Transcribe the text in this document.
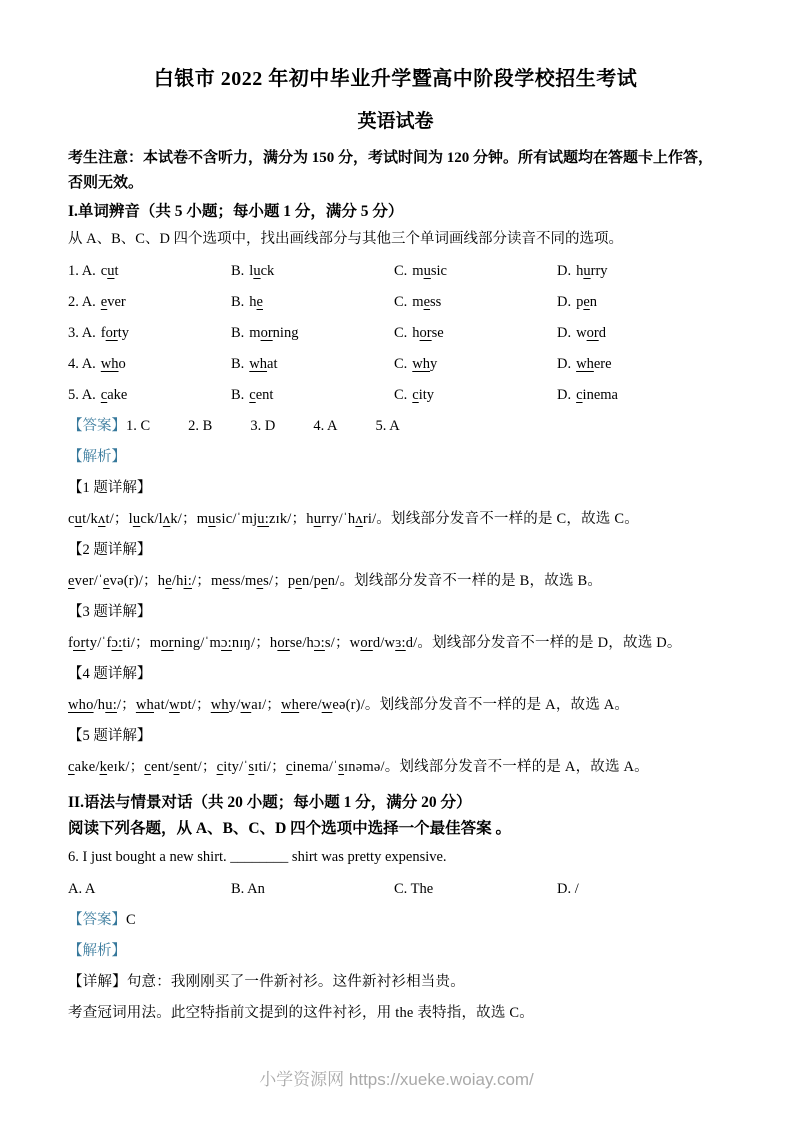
白银市 2022 年初中毕业升学暨高中阶段学校招生考试
英语试卷
考生注意：本试卷不含听力，满分为 150 分，考试时间为 120 分钟。所有试题均在答题卡上作答，否则无效。
I.单词辨音（共 5 小题；每小题 1 分，满分 5 分）
从 A、B、C、D 四个选项中，找出画线部分与其他三个单词画线部分读音不同的选项。
1. A. cut	B. luck	C. music	D. hurry
2. A. ever	B. he	C. mess	D. pen
3. A. forty	B. morning	C. horse	D. word
4. A. who	B. what	C. why	D. where
5. A. cake	B. cent	C. city	D. cinema
【答案】1. C	2. B	3. D	4. A	5. A
【解析】
【1 题详解】
cut/kʌt/；luck/lʌk/；music/ˈmju:zɪk/；hurry/ˈhʌri/。划线部分发音不一样的是 C，故选 C。
【2 题详解】
ever/ˈevə(r)/；he/hi:/；mess/mes/；pen/pen/。划线部分发音不一样的是 B，故选 B。
【3 题详解】
forty/ˈfɔ:ti/；morning/ˈmɔ:nɪŋ/；horse/hɔ:s/；word/wɜ:d/。划线部分发音不一样的是 D，故选 D。
【4 题详解】
who/hu:/；what/wɒt/；why/waɪ/；where/weə(r)/。划线部分发音不一样的是 A，故选 A。
【5 题详解】
cake/keɪk/；cent/sent/；city/ˈsɪti/；cinema/ˈsɪnəmə/。划线部分发音不一样的是 A，故选 A。
II.语法与情景对话（共 20 小题；每小题 1 分，满分 20 分）
阅读下列各题，从 A、B、C、D 四个选项中选择一个最佳答案 。
6. I just bought a new shirt. ________ shirt was pretty expensive.
A. A	B. An	C. The	D. /
【答案】C
【解析】
【详解】句意：我刚刚买了一件新衬衫。这件新衬衫相当贵。
考查冠词用法。此空特指前文提到的这件衬衫，用 the 表特指，故选 C。
小学资源网 https://xueke.woiay.com/
